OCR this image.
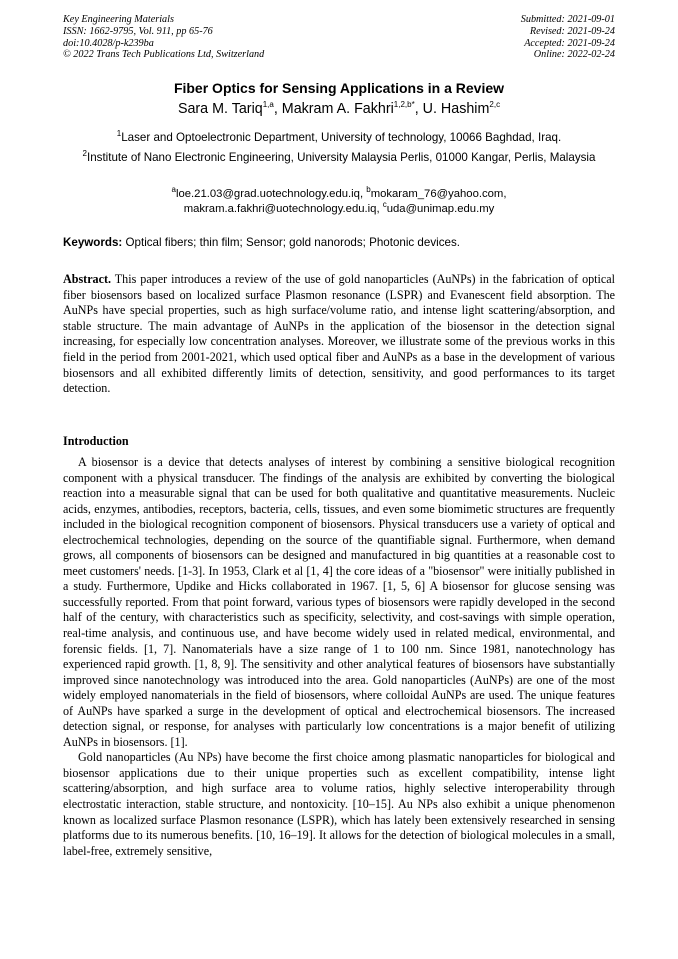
Key Engineering Materials
ISSN: 1662-9795, Vol. 911, pp 65-76
doi:10.4028/p-k239ba
© 2022 Trans Tech Publications Ltd, Switzerland
Submitted: 2021-09-01
Revised: 2021-09-24
Accepted: 2021-09-24
Online: 2022-02-24
Fiber Optics for Sensing Applications in a Review
Sara M. Tariq$^{1,a}$, Makram A. Fakhri$^{1,2,b*}$, U. Hashim$^{2,c}$
$^1$Laser and Optoelectronic Department, University of technology, 10066 Baghdad, Iraq.
$^2$Institute of Nano Electronic Engineering, University Malaysia Perlis, 01000 Kangar, Perlis, Malaysia
$^a$loe.21.03@grad.uotechnology.edu.iq, $^b$mokaram_76@yahoo.com,
makram.a.fakhri@uotechnology.edu.iq, $^c$uda@unimap.edu.my
Keywords: Optical fibers; thin film; Sensor; gold nanorods; Photonic devices.
Abstract. This paper introduces a review of the use of gold nanoparticles (AuNPs) in the fabrication of optical fiber biosensors based on localized surface Plasmon resonance (LSPR) and Evanescent field absorption. The AuNPs have special properties, such as high surface/volume ratio, and intense light scattering/absorption, and stable structure. The main advantage of AuNPs in the application of the biosensor in the detection signal increasing, for especially low concentration analyses. Moreover, we illustrate some of the previous works in this field in the period from 2001-2021, which used optical fiber and AuNPs as a base in the development of various biosensors and all exhibited differently limits of detection, sensitivity, and good performances to its target detection.
Introduction

A biosensor is a device that detects analyses of interest by combining a sensitive biological recognition component with a physical transducer. The findings of the analysis are exhibited by converting the biological reaction into a measurable signal that can be used for both qualitative and quantitative measurements. Nucleic acids, enzymes, antibodies, receptors, bacteria, cells, tissues, and even some biomimetic structures are frequently included in the biological recognition component of biosensors. Physical transducers use a variety of optical and electrochemical technologies, depending on the source of the quantifiable signal. Furthermore, when demand grows, all components of biosensors can be designed and manufactured in big quantities at a reasonable cost to meet customers' needs. [1-3]. In 1953, Clark et al [1, 4] the core ideas of a "biosensor" were initially published in a study. Furthermore, Updike and Hicks collaborated in 1967. [1, 5, 6] A biosensor for glucose sensing was successfully reported. From that point forward, various types of biosensors were rapidly developed in the second half of the century, with characteristics such as specificity, selectivity, and cost-savings with simple operation, real-time analysis, and continuous use, and have become widely used in related medical, environmental, and forensic fields. [1, 7]. Nanomaterials have a size range of 1 to 100 nm. Since 1981, nanotechnology has experienced rapid growth. [1, 8, 9]. The sensitivity and other analytical features of biosensors have substantially improved since nanotechnology was introduced into the area. Gold nanoparticles (AuNPs) are one of the most widely employed nanomaterials in the field of biosensors, where colloidal AuNPs are used. The unique features of AuNPs have sparked a surge in the development of optical and electrochemical biosensors. The increased detection signal, or response, for analyses with particularly low concentrations is a major benefit of utilizing AuNPs in biosensors. [1].

Gold nanoparticles (Au NPs) have become the first choice among plasmatic nanoparticles for biological and biosensor applications due to their unique properties such as excellent compatibility, intense light scattering/absorption, and high surface area to volume ratios, highly selective interoperability through electrostatic interaction, stable structure, and nontoxicity. [10–15]. Au NPs also exhibit a unique phenomenon known as localized surface Plasmon resonance (LSPR), which has lately been extensively researched in sensing platforms due to its numerous benefits. [10, 16–19]. It allows for the detection of biological molecules in a small, label-free, extremely sensitive,
